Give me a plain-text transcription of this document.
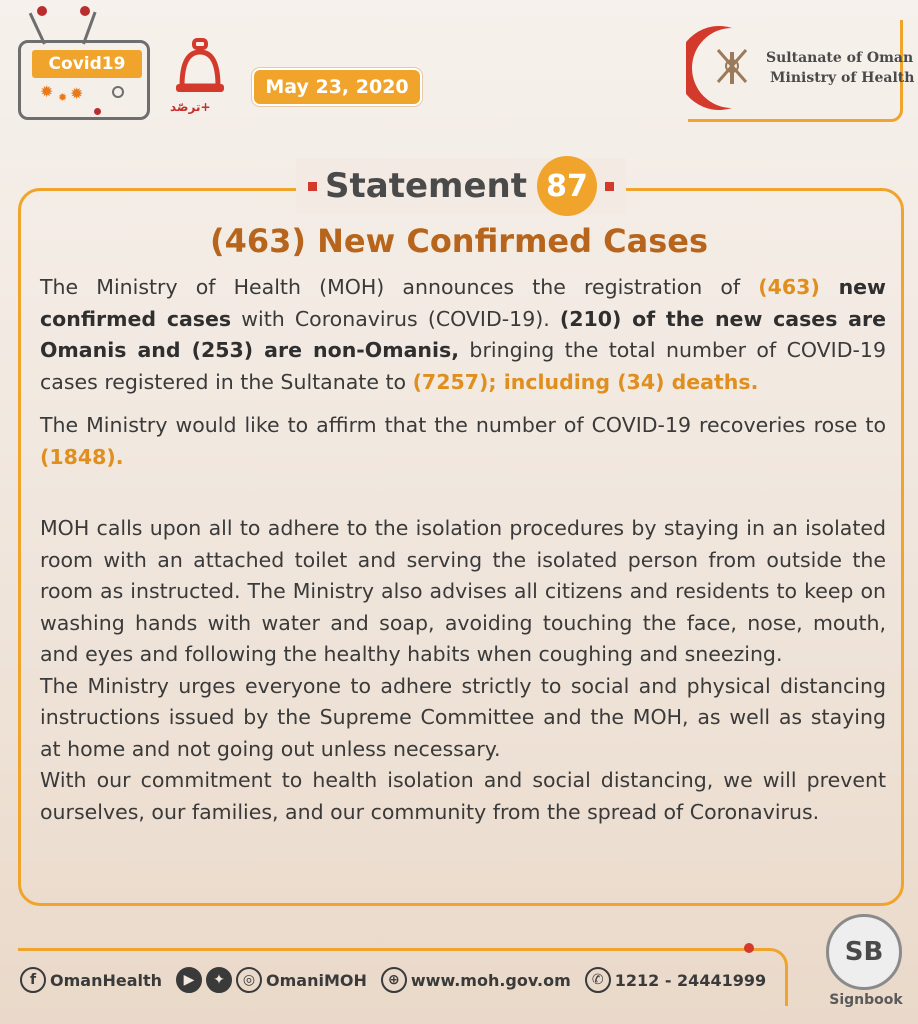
Covid19
✹ ✹ ✹
ترصّد+
May 23, 2020
Sultanate of Oman
Ministry of Health
Statement 87
(463) New Confirmed Cases

The Ministry of Health (MOH) announces the registration of (463) new confirmed cases with Coronavirus (COVID-19). (210) of the new cases are Omanis and (253) are non-Omanis, bringing the total number of COVID-19 cases registered in the Sultanate to (7257); including (34) deaths.

The Ministry would like to affirm that the number of COVID-19 recoveries rose to (1848).

MOH calls upon all to adhere to the isolation procedures by staying in an isolated room with an attached toilet and serving the isolated person from outside the room as instructed. The Ministry also advises all citizens and residents to keep on washing hands with water and soap, avoiding touching the face, nose, mouth, and eyes and following the healthy habits when coughing and sneezing.

The Ministry urges everyone to adhere strictly to social and physical distancing instructions issued by the Supreme Committee and the MOH, as well as staying at home and not going out unless necessary.

With our commitment to health isolation and social distancing, we will prevent ourselves, our families, and our community from the spread of Coronavirus.

f OmanHealth	▶	✦	◎ OmaniMOH	⊕ www.moh.gov.om	✆ 1212 - 24441999
SB
Signbook
